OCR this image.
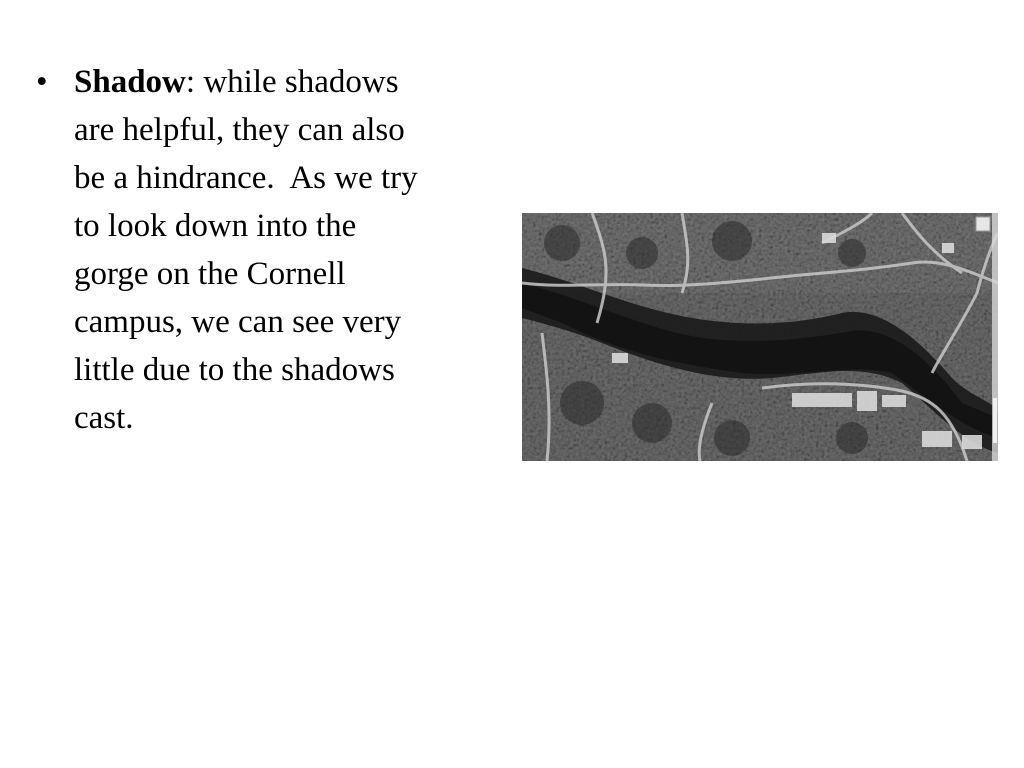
• Shadow: while shadows are helpful, they can also be a hindrance.  As we try to look down into the gorge on the Cornell campus, we can see very little due to the shadows cast.
